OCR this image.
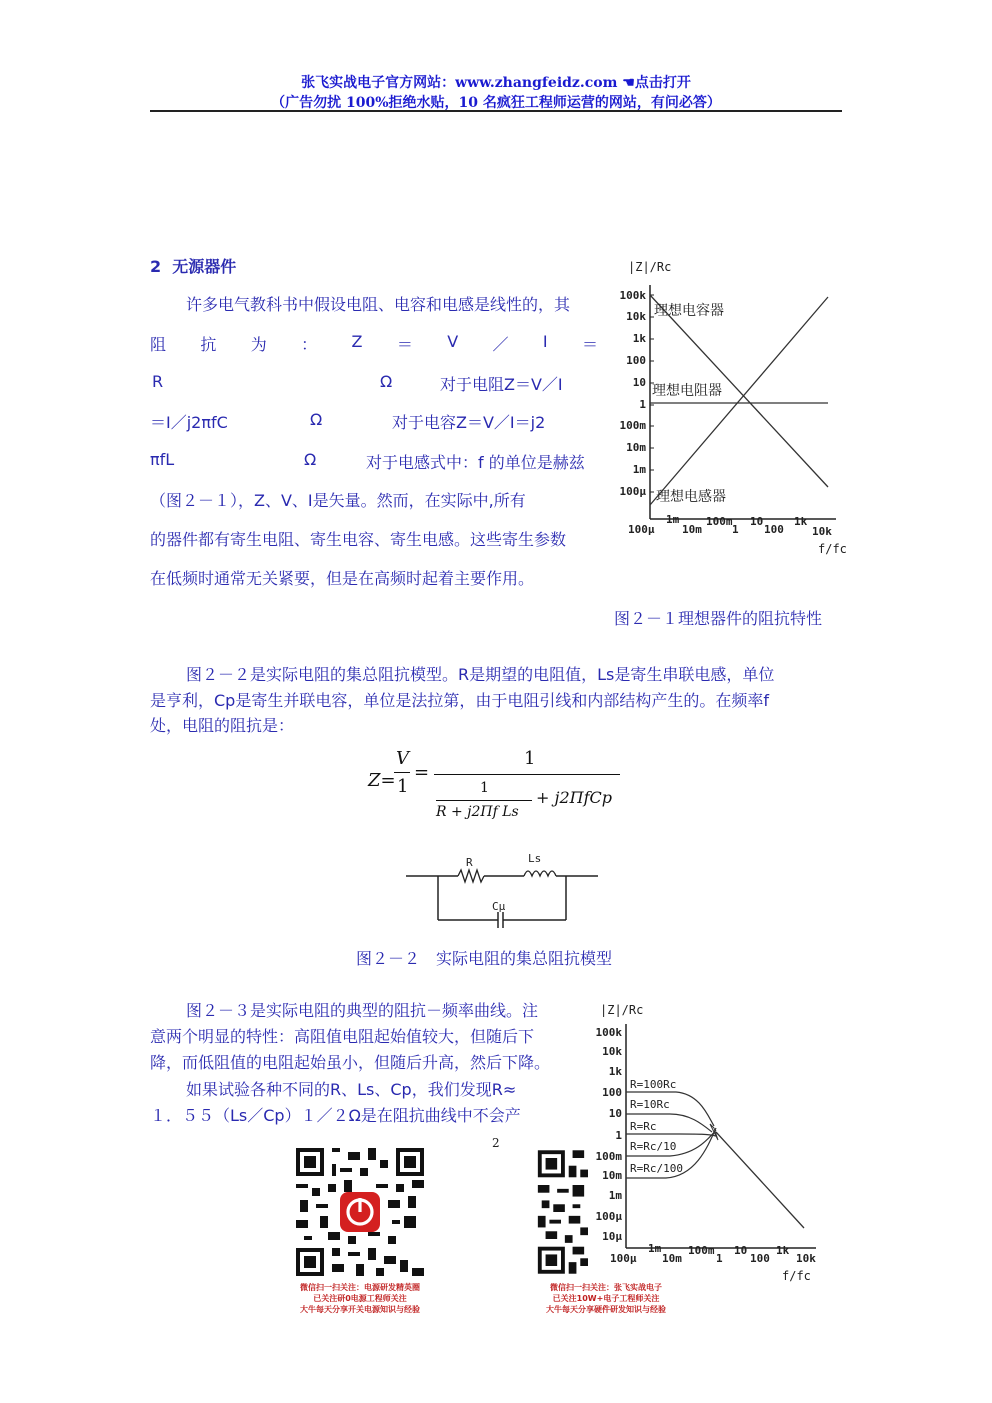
张飞实战电子官方网站：www.zhangfeidz.com ☚点击打开
（广告勿扰 100%拒绝水贴，10 名疯狂工程师运营的网站，有问必答）
2 无源器件
许多电气教科书中假设电阻、电容和电感是线性的，其
阻 抗 为 ： Z ＝ V ／ I ＝
R	Ω	对于电阻Z＝V／I
＝I／j2πfC	Ω	对于电容Z＝V／I＝j2
πfL	Ω	对于电感式中：f 的单位是赫兹
（图２－１），Z、V、I是矢量。然而，在实际中,所有
的器件都有寄生电阻、寄生电容、寄生电感。这些寄生参数
在低频时通常无关紧要，但是在高频时起着主要作用。
|Z|/Rc
100k
10k
1k
100
10
1
100m
10m
1m
100μ
理想电容器
理想电阻器
理想电感器
100μ	10m	1 100	10k
1m 100m 10	1k
f/fc
图２－１理想器件的阻抗特性
图２－２是实际电阻的集总阻抗模型。R是期望的电阻值，Ls是寄生串联电感，单位
是亨利，Cp是寄生并联电容，单位是法拉第，由于电阻引线和内部结构产生的。在频率f
处，电阻的阻抗是：
Z=
V
1
=
1
1
R + j2Πf Ls
+ j2ΠfCp
R	Ls
Cμ
图２－２　实际电阻的集总阻抗模型
图２－３是实际电阻的典型的阻抗－频率曲线。注
意两个明显的特性：高阻值电阻起始值较大，但随后下
降，而低阻值的电阻起始虽小，但随后升高，然后下降。
如果试验各种不同的R、Ls、Cp，我们发现R≈
１．５５（Ls／Cp）１／２Ω是在阻抗曲线中不会产
|Z|/Rc
100k
10k
1k
100
10
1
100m
10m
1m
100μ
10μ
R=100Rc
R=10Rc
R=Rc
R=Rc/10
R=Rc/100
100μ 10m	1 100 10k
1m 100m 10	1k
f/fc
2
微信扫一扫关注：电源研发精英圈
已关注研0电源工程师关注
大牛每天分享开关电源知识与经验
微信扫一扫关注：张飞实战电子
已关注10W+电子工程师关注
大牛每天分享硬件研发知识与经验
